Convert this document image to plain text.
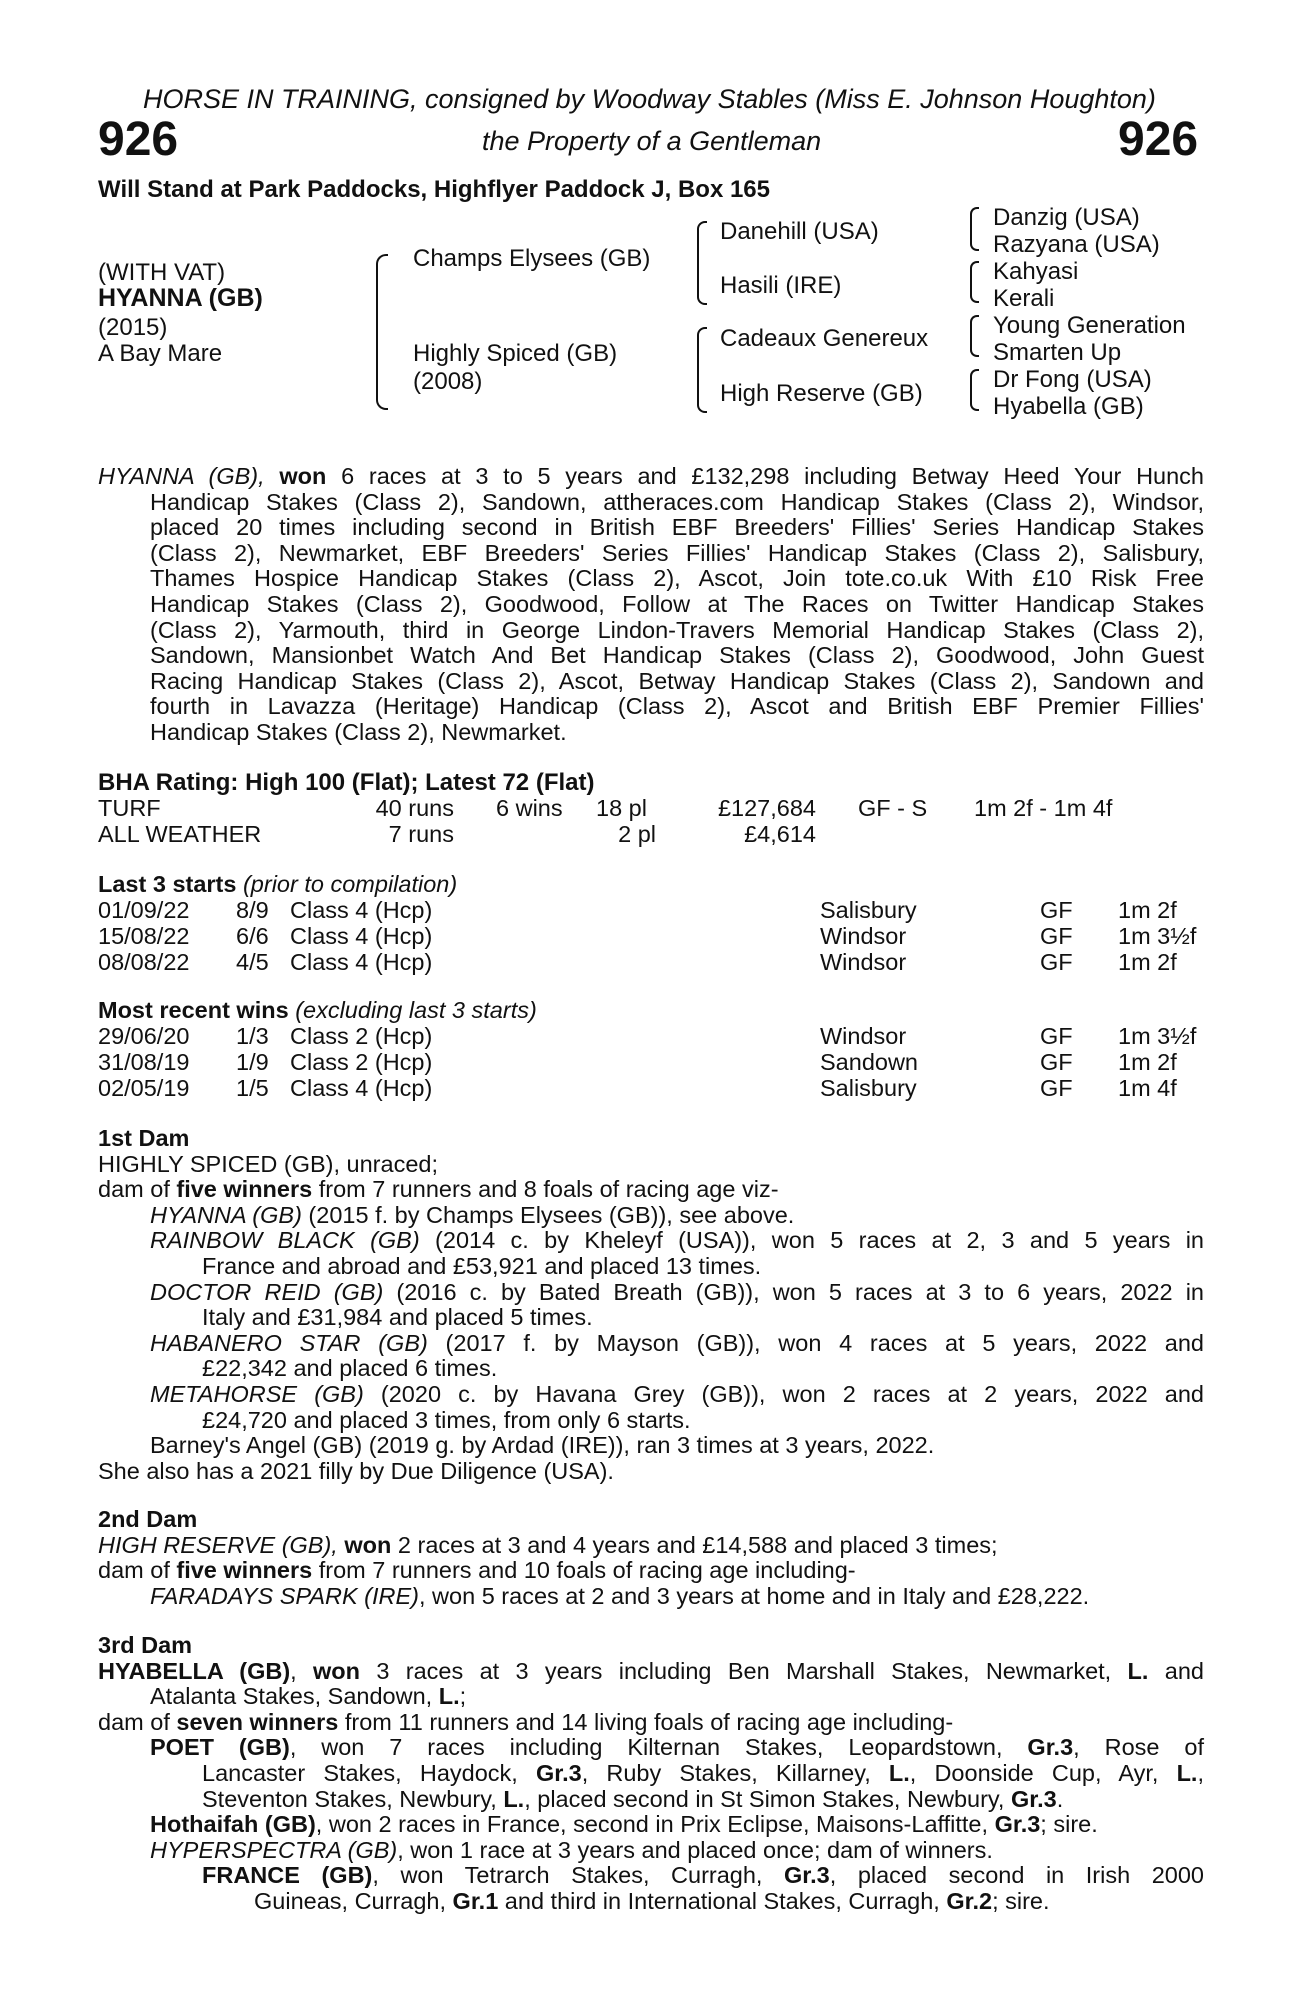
HORSE IN TRAINING, consigned by Woodway Stables (Miss E. Johnson Houghton)
926	the Property of a Gentleman	926
Will Stand at Park Paddocks, Highflyer Paddock J, Box 165
(WITH VAT)
HYANNA (GB)
(2015)
A Bay Mare
Champs Elysees (GB)
Highly Spiced (GB)
(2008)
Danehill (USA)
Hasili (IRE)
Cadeaux Genereux
High Reserve (GB)
Danzig (USA)
Razyana (USA)
Kahyasi
Kerali
Young Generation
Smarten Up
Dr Fong (USA)
Hyabella (GB)
HYANNA (GB), won 6 races at 3 to 5 years and £132,298 including Betway Heed Your Hunch
Handicap Stakes (Class 2), Sandown, attheraces.com Handicap Stakes (Class 2), Windsor,
placed 20 times including second in British EBF Breeders' Fillies' Series Handicap Stakes
(Class 2), Newmarket, EBF Breeders' Series Fillies' Handicap Stakes (Class 2), Salisbury,
Thames Hospice Handicap Stakes (Class 2), Ascot, Join tote.co.uk With £10 Risk Free
Handicap Stakes (Class 2), Goodwood, Follow at The Races on Twitter Handicap Stakes
(Class 2), Yarmouth, third in George Lindon-Travers Memorial Handicap Stakes (Class 2),
Sandown, Mansionbet Watch And Bet Handicap Stakes (Class 2), Goodwood, John Guest
Racing Handicap Stakes (Class 2), Ascot, Betway Handicap Stakes (Class 2), Sandown and
fourth in Lavazza (Heritage) Handicap (Class 2), Ascot and British EBF Premier Fillies'
Handicap Stakes (Class 2), Newmarket.
BHA Rating: High 100 (Flat); Latest 72 (Flat)
TURF	40 runs 6 wins 18 pl	£127,684 GF - S 1m 2f - 1m 4f
ALL WEATHER	7 runs	2 pl	£4,614
Last 3 starts (prior to compilation)
01/09/22 8/9 Class 4 (Hcp)	Salisbury	GF 1m 2f
15/08/22 6/6 Class 4 (Hcp)	Windsor	GF 1m 3½f
08/08/22 4/5 Class 4 (Hcp)	Windsor	GF 1m 2f
Most recent wins (excluding last 3 starts)
29/06/20 1/3 Class 2 (Hcp)	Windsor	GF 1m 3½f
31/08/19 1/9 Class 2 (Hcp)	Sandown	GF 1m 2f
02/05/19 1/5 Class 4 (Hcp)	Salisbury	GF 1m 4f
1st Dam
HIGHLY SPICED (GB), unraced;
dam of five winners from 7 runners and 8 foals of racing age viz-
HYANNA (GB) (2015 f. by Champs Elysees (GB)), see above.
RAINBOW BLACK (GB) (2014 c. by Kheleyf (USA)), won 5 races at 2, 3 and 5 years in
France and abroad and £53,921 and placed 13 times.
DOCTOR REID (GB) (2016 c. by Bated Breath (GB)), won 5 races at 3 to 6 years, 2022 in
Italy and £31,984 and placed 5 times.
HABANERO STAR (GB) (2017 f. by Mayson (GB)), won 4 races at 5 years, 2022 and
£22,342 and placed 6 times.
METAHORSE (GB) (2020 c. by Havana Grey (GB)), won 2 races at 2 years, 2022 and
£24,720 and placed 3 times, from only 6 starts.
Barney's Angel (GB) (2019 g. by Ardad (IRE)), ran 3 times at 3 years, 2022.
She also has a 2021 filly by Due Diligence (USA).
2nd Dam
HIGH RESERVE (GB), won 2 races at 3 and 4 years and £14,588 and placed 3 times;
dam of five winners from 7 runners and 10 foals of racing age including-
FARADAYS SPARK (IRE), won 5 races at 2 and 3 years at home and in Italy and £28,222.
3rd Dam
HYABELLA (GB), won 3 races at 3 years including Ben Marshall Stakes, Newmarket, L. and
Atalanta Stakes, Sandown, L.;
dam of seven winners from 11 runners and 14 living foals of racing age including-
POET (GB), won 7 races including Kilternan Stakes, Leopardstown, Gr.3, Rose of
Lancaster Stakes, Haydock, Gr.3, Ruby Stakes, Killarney, L., Doonside Cup, Ayr, L.,
Steventon Stakes, Newbury, L., placed second in St Simon Stakes, Newbury, Gr.3.
Hothaifah (GB), won 2 races in France, second in Prix Eclipse, Maisons-Laffitte, Gr.3; sire.
HYPERSPECTRA (GB), won 1 race at 3 years and placed once; dam of winners.
FRANCE (GB), won Tetrarch Stakes, Curragh, Gr.3, placed second in Irish 2000
Guineas, Curragh, Gr.1 and third in International Stakes, Curragh, Gr.2; sire.
